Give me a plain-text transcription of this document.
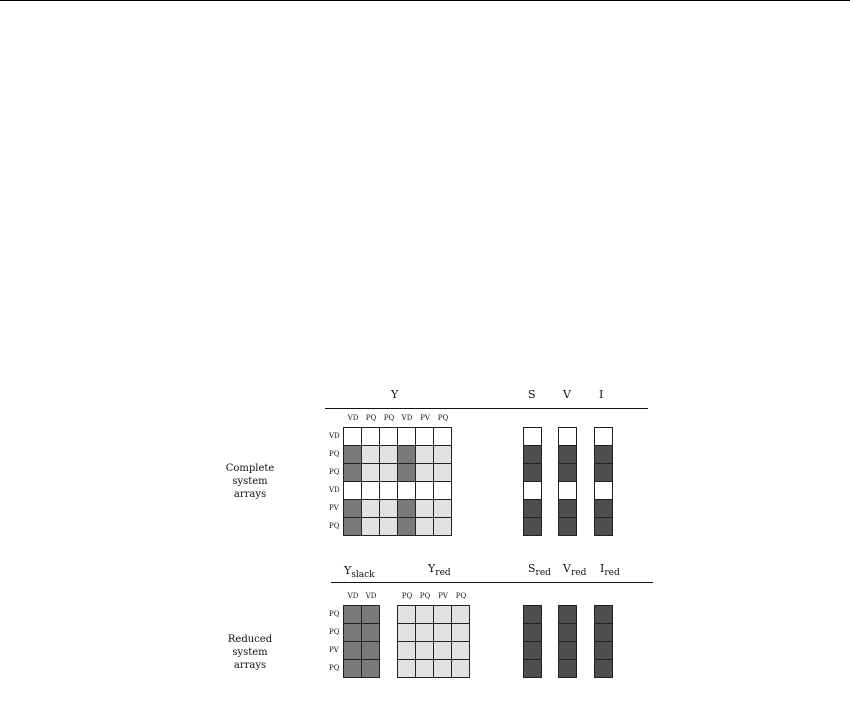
Complete system
arrays
Y	S V	I
VD	PQ	PQ	VD	PV	PQ
VD
PQ
PQ
VD
PV
PQ
Reduced system
arrays
$Y_{slack}$	$Y_{red}$	$S_{red}$ $V_{red}$ $I_{red}$
VD	VD	PQ	PQ	PV	PQ
PQ
PQ
PV
PQ
